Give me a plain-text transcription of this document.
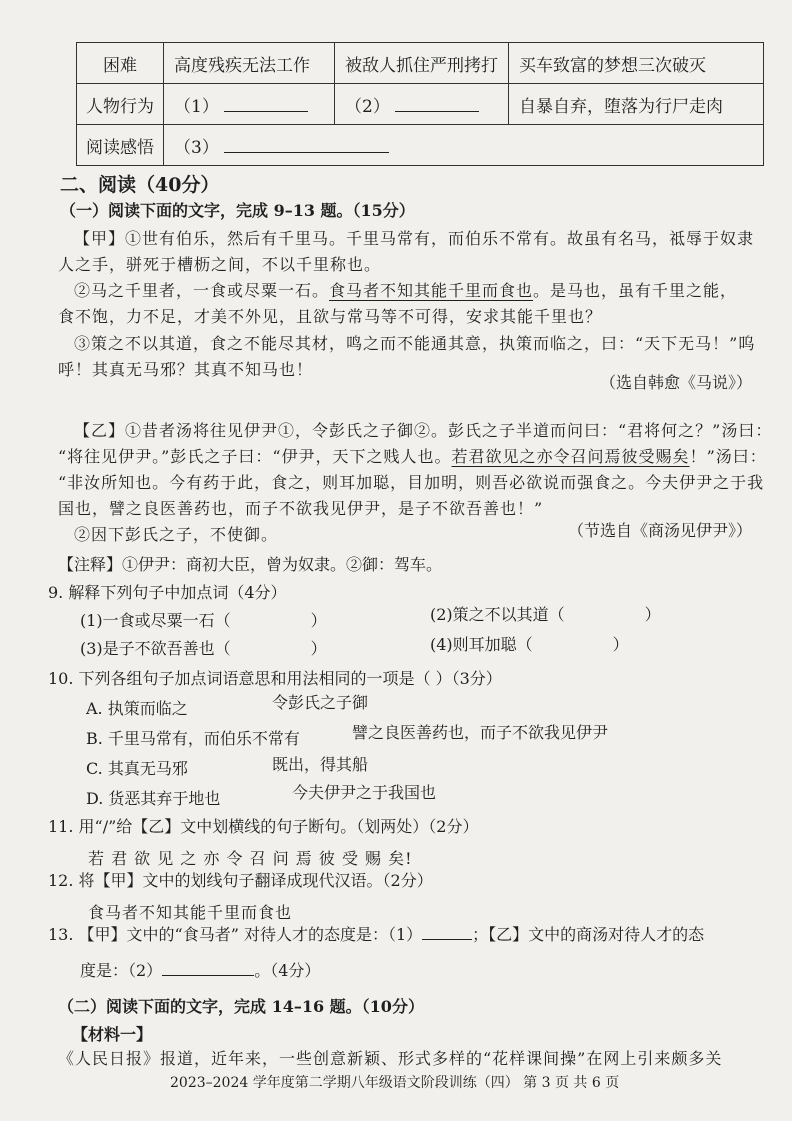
困难	高度残疾无法工作	被敌人抓住严刑拷打	买车致富的梦想三次破灭
人物行为	（1）	（2）	自暴自弃，堕落为行尸走肉
阅读感悟	（3）		
二、阅读（40分）
（一）阅读下面的文字，完成 9–13 题。（15分）
【甲】①世有伯乐，然后有千里马。千里马常有，而伯乐不常有。故虽有名马，祗辱于奴隶
人之手，骈死于槽枥之间，不以千里称也。
②马之千里者，一食或尽粟一石。食马者不知其能千里而食也。是马也，虽有千里之能，
食不饱，力不足，才美不外见，且欲与常马等不可得，安求其能千里也？
③策之不以其道，食之不能尽其材，鸣之而不能通其意，执策而临之，曰：“天下无马！”呜
呼！其真无马邪？其真不知马也！
（选自韩愈《马说》）
【乙】①昔者汤将往见伊尹①，令彭氏之子御②。彭氏之子半道而问曰：“君将何之？”汤曰：
“将往见伊尹。”彭氏之子曰：“伊尹，天下之贱人也。若君欲见之亦令召问焉彼受赐矣！”汤曰：
“非汝所知也。今有药于此，食之，则耳加聪，目加明，则吾必欲说而强食之。今夫伊尹之于我
国也，譬之良医善药也，而子不欲我见伊尹，是子不欲吾善也！”
②因下彭氏之子，不使御。	（节选自《商汤见伊尹》）
【注释】①伊尹：商初大臣，曾为奴隶。②御：驾车。
9. 解释下列句子中加点词（4分）
(1)一食或尽粟一石（	）	(2)策之不以其道（	）
(3)是子不欲吾善也（	）	(4)则耳加聪（	）
10. 下列各组句子加点词语意思和用法相同的一项是（ ）（3分）
A. 执策而临之	令彭氏之子御
B. 千里马常有，而伯乐不常有	譬之良医善药也，而子不欲我见伊尹
C. 其真无马邪	既出，得其船
D. 货恶其弃于地也	今夫伊尹之于我国也
11. 用“/”给【乙】文中划横线的句子断句。（划两处）（2分）
若 君 欲 见 之 亦 令 召 问 焉 彼 受 赐 矣!
12. 将【甲】文中的划线句子翻译成现代汉语。（2分）
食马者不知其能千里而食也
13. 【甲】文中的“食马者” 对待人才的态度是：（1）	；【乙】文中的商汤对待人才的态
度是：（2）	。（4分）
（二）阅读下面的文字，完成 14–16 题。（10分）
【材料一】
《人民日报》报道，近年来，一些创意新颖、形式多样的“花样课间操”在网上引来颇多关
2023–2024 学年度第二学期八年级语文阶段训练（四） 第 3 页 共 6 页
